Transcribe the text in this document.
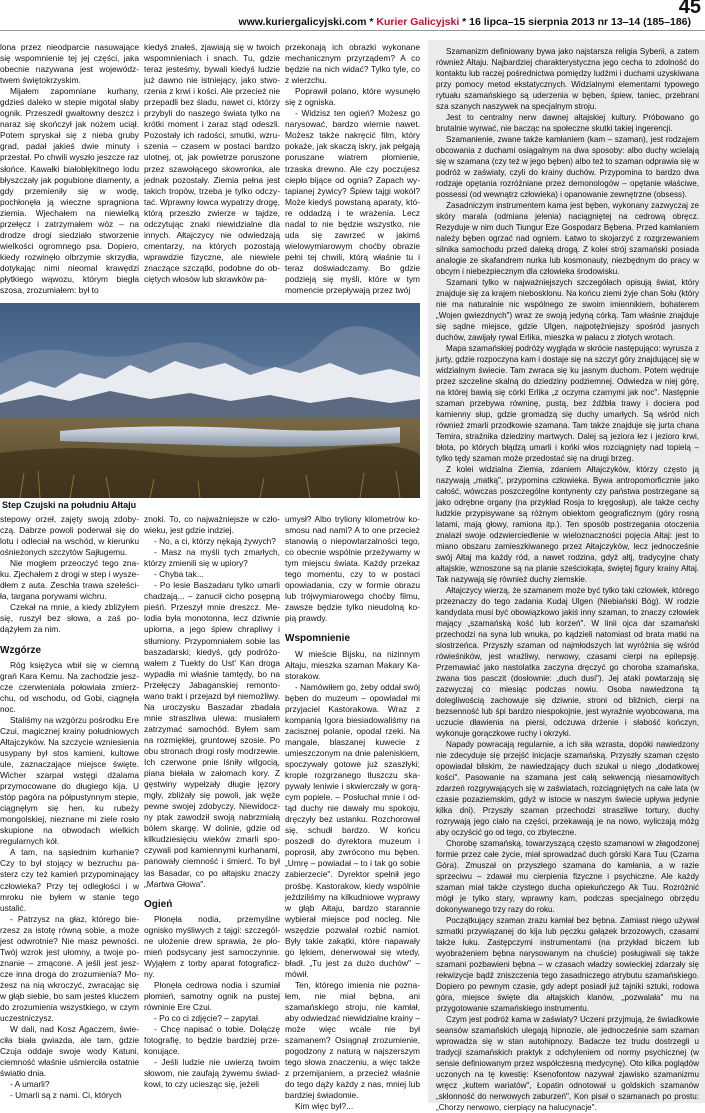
www.kuriergalicyjski.com * Kurier Galicyjski * 16 lipca–15 sierpnia 2013 nr 13–14 (185–186)
45

lona przez nieodparcie nasuwające się wspomnienie tej jej części, jaka obecnie nazywana jest województwem świętokrzyskim.

Mijałem zapomniane kurhany, gdzieś daleko w stepie migotał słaby ognik. Przeszedł gwałtowny deszcz i naraz się skończył jak nożem uciął. Potem spryskał się z nieba gruby grad, padał jakieś dwie minuty i przestał. Po chwili wyszło jeszcze raz słońce. Kawałki białobłękitnego lodu błyszczały jak pogubione diamenty, a gdy przemieniły się w wodę, pochłonęła ją wieczne spragniona ziemia. Wjechałem na niewielką przełęcz i zatrzymałem wóz – na drodze drogi siedziało stworzenie wielkości ogromnego psa. Dopiero, kiedy rozwinęło olbrzymie skrzydła, dotykając nimi nieomal krawędzi płytkiego wąwozu, którym biegła szosa, zrozumiałem: był to

kiedyś znałeś, zjawiają się w twoich wspomnieniach i snach. Tu, gdzie teraz jesteśmy, bywali kiedyś ludzie już dawno nie istniejący, jako stworzenia z krwi i kości. Ale przecież nie przepadli bez śladu, nawet ci, którzy przybyli do naszego świata tylko na krótki moment i zaraz stąd odeszli. Pozostały ich radości, smutki, wzruszenia – czasem w postaci bardzo ulotnej, ot, jak powietrze poruszone przez szawołącego skowronka, ale jednak pozostały. Ziemia pełna jest takich tropów, trzeba je tylko odczytać. Wprawny łowca wypatrzy drogę, którą przeszło zwierze w tajdze, odczytując znaki niewidzialne dla innych. Ałtajczycy nie odwiedzają cmentarzy, na których pozostają wprawdzie fizyczne, ale niewiele znaczące szczątki, podobne do obciętych włosów lub skrawków pa-

przekonają ich obrazki wykonane mechanicznym przyrządem? A co będzie na nich widać? Tylko tyle, co z wierzchu.

Poprawił polano, które wysunęło się z ogniska.

- Widzisz ten ogień? Możesz go narysować, bardzo wiernie nawet. Możesz także nakręcić film, który pokaże, jak skaczą iskry, jak pełgają poruszane wiatrem płomienie, trzaska drewno. Ale czy poczujesz ciepło bijące od ognia? Zapach wytapianej żywicy? Śpiew tajgi wokół? Może kiedyś powstaną aparaty, które oddadzą i te wrażenia. Lecz nadal to nie będzie wszystko, nie uda się zawrzeć w jakimś wielowymiarowym choćby obrazie pełni tej chwili, którą właśnie tu i teraz doświadczamy. Bo gdzie podzieją się myśli, które w tym momencie przepływają przez twój

Step Czujski na południu Ałtaju

stepowy orzeł, zajęty swoją zdobyczą. Dabrze powoli poderwał się do lotu i odleciał na wschód, w kierunku ośnieżonych szczytów Sajługemu.

Nie mogłem przeoczyć tego znaku. Zjechałem z drogi w step i wyszedłem z auta. Zeschła trawa szeleściła, targana porywami wichru.

Czekał na mnie, a kiedy zbliżyłem się, ruszył bez słowa, a zaś podążyłem za nim.

Wzgórze

Róg księżyca wbił się w ciemną grań Kara Kemu. Na zachodzie jeszcze czerwieniała połowiała zmierzchu, od wschodu, od Gobi, ciągnęła noc.

Staliśmy na wzgórzu pośrodku Ere Czui, magicznej krainy południowych Ałtajczyków. Na szczycie wzniesienia usypany był stos kamieni, kultowe ule, zaznaczające miejsce święte. Wicher szarpał wstęgi dżalama przymocowane do długiego kija. U stóp pagóra na półpustynnym stepie, ciągnęłym się hen, ku rubeży mongolskiej, nieznane mi ziele rosło skupione na obwodach wielkich regularnych kół.

A tam, na sąsiednim kurhanie? Czy to był stojący w bezruchu pasterz czy też kamień przypominający człowieka? Przy tej odległości i w mroku nie byłem w stanie tego ustalić.

- Patrzysz na głaz, którego bierzesz za istotę równą sobie, a może jest odwrotnie? Nie masz pewności. Twój wzrok jest ułomny, a twoje poznanie – zmącone. A jeśli jest jeszcze inna droga do zrozumienia? Możesz na nią wkroczyć, zwracając się w głąb siebie, bo sam jesteś kluczem do zrozumienia wszystkiego, w czym uczestniczysz.

W dali, nad Kosz Agaczem, świeciła biała gwiazda, ale tam, gdzie Czuja oddaje swoje wody Katuni, ciemność właśnie uśmierciła ostatnie światło dnia.

- A umarli?

- Umarli są z nami. Ci, których

znoki. To, co najważniejsze w człowieku, jest gdzie indziej.

- No, a ci, którzy nękają żywych?

- Masz na myśli tych zmarłych, którzy zmienili się w upiory?

- Chyba tak...

- Po lesie Baszadaru tylko umarli chadzają... – zanucił cicho posępną pieśń. Przeszył mnie dreszcz. Melodia była monotonna, lecz dziwnie upiorna, a jego śpiew chrapliwy i stłumiony. Przypomniałem sobie las baszadarski; kiedyś, gdy podróżowałem z Tuekty do Ust' Kan droga wypadła mi właśnie tamtędy, bo na Przełęczy Jabaganskiej remontowano trakt i przejazd był niemożliwy. Na uroczysku Baszadar zbadała mnie straszliwa ulewa: musiałem zatrzymać samochód. Byłem sam na rozmiękłej, gruntowej szosie. Po obu stronach drogi rosły modrzewie. Ich czerwone pnie lśniły wilgocią, piana biełała w załomach kory. Z gęstwiny wypełzały długie jęzory mgły, zbliżały się powoli, jak węże pewne swojej zdobyczy. Niewidoczny ptak zawodził swoją nabrzmiałą bólem skargę. W dolinie, gdzie od kilkudziesięciu wieków zmarli spoczywali pod kamiennymi kurhanami, panowały ciemność i śmierć. To był las Basadar, co po ałtajsku znaczy „Martwa Głowa".

Ogień

Płonęła nodia, przemyślne ognisko myśliwych z tajgi: szczególne ułożenie drew sprawia, że płomień podsycany jest samoczynnie. Wyjąłem z torby aparat fotograficzny.

Płonęła cedrowa nodia i szumiał płomień, samotny ognik na pustej równinie Ere Czui.

- Po co ci zdjęcie? – zapytał.

- Chcę napisać o tobie. Dołączę fotografię, to będzie bardziej przekonujące.

- Jeśli ludzie nie uwierzą twoim słowom, nie zaufają żywemu świadkowi, to czy uciesząc się, jeżeli

umysł? Albo tryliony kilometrów kosmosu nad nami? A to one przecież stanowią o niepowtarzalności tego, co obecnie wspólnie przeżywamy w tym miejscu świata. Każdy przekaz tego momentu, czy to w postaci opowiadania, czy w formie obrazu lub trójwymiarowego choćby filmu, zawsze będzie tylko nieudolną kopią prawdy.

Wspomnienie

W mieście Bijsku, na nizinnym Ałtaju, mieszka szaman Makary Kastorakow.

- Namówiłem go, żeby oddał swój bęben do muzeum – opowiadał mi przyjaciel Kastorakowa. Wraz z kompanią Igora biesiadowaliśmy na zacisznej polanie, opodal rzeki. Na mangale, blaszanej kuwecie z umieszczonym na dnie paleniskiem, spoczywały gotowe już szaszłyki; krople rozgrzanego tłuszczu skapywały leniwie i skwierczały w gorącym popiele. – Posłuchał mnie i odtąd duchy nie dawały mu spokoju, dręczyły bez ustanku. Rozchorował się, schudł bardzo. W końcu poszedł do dyrektora muzeum i poprosił, aby zwrócono mu bęben. „Umrę – powiadał – to i tak go sobie zabierzecie". Dyrektor spełnił jego prośbę. Kastorakow, kiedy wspólnie jeździliśmy na kilkudniowe wyprawy w głąb Ałtaju, bardzo starannie wybierał miejsce pod nocleg. Nie wszędzie pozwalał rozbić namiot. Były takie zakątki, które napawały go lękiem, denerwował się wtedy, bładł. „Tu jest za dużo duchów" – mówił.

Ten, którego imienia nie poznałem, nie miał bębna, ani szamańskiego stroju, nie kamłał, aby odwiedzać niewidzialne krainy – może więc wcale nie był szamanem? Osiągnął zrozumienie, pogodzony z naturą w najszerszym tego słowa znaczeniu, a więc także z przemijaniem, a przecież właśnie do tego dąży każdy z nas, mniej lub bardziej świadomie.

Kim więc był?...

Szamanizm definiowany bywa jako najstarsza religia Syberii, a zatem również Ałtaju. Najbardziej charakterystyczna jego cecha to zdolność do kontaktu lub raczej pośrednictwa pomiędzy ludźmi i duchami uzyskiwana przy pomocy metod ekstatycznych. Widzialnymi elementami typowego rytuału szamańskiego są uderzenia w bęben, śpiew, taniec, przebrani sza szanych naszywek na specjalnym stroju.

Jest to centralny nerw dawnej ałtajskiej kultury. Próbowano go brutalnie wyrwać, nie bacząc na społeczne skutki takiej ingerencji.

Szamanienie, zwane także kamłaniem (kam – szaman), jest rodzajem obcowania z duchami osiągalnym na dwa sposoby: albo duchy wcielają się w szamana (czy też w jego bęben) albo też to szaman odprawia się w podróż w zaświaty, czyli do krainy duchów. Przypomina to bardzo dwa rodzaje opętania rozróżniane przez demonologów – opętanie właściwe, possessi (od wewnątrz człowieka) i opanowanie zewnętrzne (obsess).

Zasadniczym instrumentem kama jest bęben, wykonany zazwyczaj ze skóry marala (odmiana jelenia) naciągniętej na cedrową obręcz. Rezyduje w nim duch Tiungur Eze Gospodarz Bębena. Przed kamłaniem należy bęben ogrzać nad ogniem. Łatwo to skojarzyć z rozgrzewaniem silnika samochodu przed daleką drogą. Z kolei strój szamański posiada analogie ze skafandrem nurka lub kosmonauty, niezbędnym do pracy w obcym i niebezpiecznym dla człowieka środowisku.

Szamani tylko w najważniejszych szczegółach opisują świat, który znajduje się za krajem niebosklonu. Na końcu ziemi żyje chan Sołu (który nie ma naturalnie nic wspólnego ze swoim imiennikiem, bohaterem „Wojen gwiezdnych") wraz ze swoją jedyną córką. Tam właśnie znajduje się sądne miejsce, gdzie Ulgen, najpotężniejszy spośród jasnych duchów, zawijały rywal Erlika, mieszka w pałacu z złotych wrotach.

Mapa szamańskiej podróży wygląda w skrócie następująco: wyrusza z jurty, gdzie rozpoczyna kam i dostaje się na szczyt góry znajdującej się w widzialnym świecie. Tam zwraca się ku jasnym duchom. Potem wędruje przez szczeline skalną do dziedziny podziemnej. Odwiedza w niej górę, na której bawią się córki Erlika „z oczyma czarnymi jak noc". Następnie szaman przebywa równinę, pustą, bez źdźbła trawy i dociera pod kamienny słup, gdzie gromadzą się duchy umarłych. Są wśród nich również zmarli przodkowie szamana. Tam także znajduje się jurta chana Temira, straźnika dziedziny martwych. Dalej są jeziora łez i jezioro krwi, błota, po których błądzą umarli i końki włos rozciągnięty nad topielą – tylko tędy szaman może przedostać się na drugi brzeg.

Z kolei widzialna Ziemia, zdaniem Ałtajczyków, którzy często ją nazywają „matką", przypomina człowieka. Bywa antropomorficznie jako całość, wówczas poszczególne kontynenty czy państwa postrzegane są jako odrębne organy (na przykład Rosja to kręgosłup), ale także cechy ludzkie przypisywane są różnym obiektom geograficznym (góry rosną latami, mają głowy, ramiona itp.). Ten sposób postrzegania otoczenia znalazł swoje odzwierciedlenie w wieloznaczności pojęcia Ałtaj: jest to miano obszaru zamieszkiwanego przez Ałtajczyków, lecz jednocześnie swój Ałtaj ma każdy ród, a nawet rodzina, gdyż ałtj, tradycyjne chaty ałtajskie, wznoszone są na planie sześciokąta, świętej figury krainy Ałtaj. Tak nazywają się również duchy ziemskie.

Ałtajczycy wierzą, że szamanem może być tylko taki człowiek, którego przeznaczy do tego zadania Kudaj Ulgen (Niebiański Bóg). W rodzie kandydata musi być obowiązkowo jakiś inny szaman, to znaczy człowiek mający „szamańską kość lub korzeń". W linii ojca dar szamański przechodzi na syna lub wnuka, po kądzieli natomiast od brata matki na siostrzeńca. Przyszły szaman od najmłodszych lat wyróżnia się wśród rówieśników, jest wrażliwy, nerwowy, czasami cierpi na epilepsję. Przemawiać jako nastolatka zaczyna dręczyć go choroba szamańska, zwana tios pasczit (dosłownie: „duch dusi"). Jej ataki powtarzają się zazwyczaj co miesiąc podczas nowiu. Osoba nawiedzona tą dolegliwością zachowuje się dziwnie, stroni od bliźnich, cierpi na bezsenność lub śpi bardzo niespokojnie, jest wyraźnie wyobcowana, ma uczucie dławienia na piersi, odczuwa drżenie i słabość kończyn, wykonuje gorączkowe ruchy i okrzyki.

Napady powracają regularnie, a ich siła wzrasta, dopóki nawiedzony nie zdecyduje się przejść inicjacje szamańską. Przyszły szaman często opowiadał bliskim, że nawiedzający duch szukał u niego „dodatkowej kości". Pasowanie na szamana jest całą sekwencją niesamowitych zdarzeń rozgrywających się w zaświatach, rozciągniętych na całe lata (w czasie pozaziemskim, gdyż w istocie w naszym świecie upływa jedynie kilka dni). Przyszły szaman przechodzi straszliwe tortury, duchy rozrywają jego ciało na części, przekawają je na nowo, wyliczają móżg aby oczyścić go od tego, co zbyteczne.

Chorobę szamańską, towarzyszącą często szamanowi w złagodzonej formie przez całe życie, miał sprowadzać duch górski Kara Tuu (Czarna Góra). Zmuszał on przyszłego szamana do kamłania, a w razie sprzeciwu – zdawał mu cierpienia fizyczne i psychiczne. Ale każdy szaman miał także czystego ducha opiekuńczego Ak Tuu. Rozróżnić mógł je tylko stary, wprawny kam, podczas specjalnego obrzędu dokonywanego trzy razy do roku.

Początkujący szaman zrazu kamłał bez bębna. Zamiast niego używał szmatki przywiązanej do kija lub pęczku gałązek brzozowych, czasami także łuku. Zastępczymi instrumentami (na przykład biczem lub wyobrażeniem bębna narysowanym na chuście) posługiwali się także szamani pozbawieni bębna – w czasach władzy sowieckiej zdarzały się rekwizycje bądź zniszczenia tego zasadniczego atrybutu szamańskiego. Dopiero po pewnym czasie, gdy adept posiadł już tajniki sztuki, rodowa góra, miejsce święte dla ałtajskich klanów, „pozwalała" mu na przygotowanie szamańskiego instrumentu.

Czym jest podróż kama w zaświaty? Uczeni przyjmują, że świadkowie seansów szamańskich ulegają hipnozie, ale jednocześnie sam szaman wprowadza się w stan autohipnozy. Badacze tez trudu dostrzegli u tradycji szamańskich praktyk z odchyleniem od normy psychicznej (w sensie definiowanym przez współczesną medycynę). Oto kilka poglądów uczonych na tę kwestię: Ksenofontow nazywał zjawisko szamanizmu wręcz „kultem wariatów", Łopatin odnotował u goldskich szamanów „skłonność do nerwowych zaburzeń", Kon pisał o szamanach po prostu: „Chorzy nerwowo, cierpiący na halucynacje".
